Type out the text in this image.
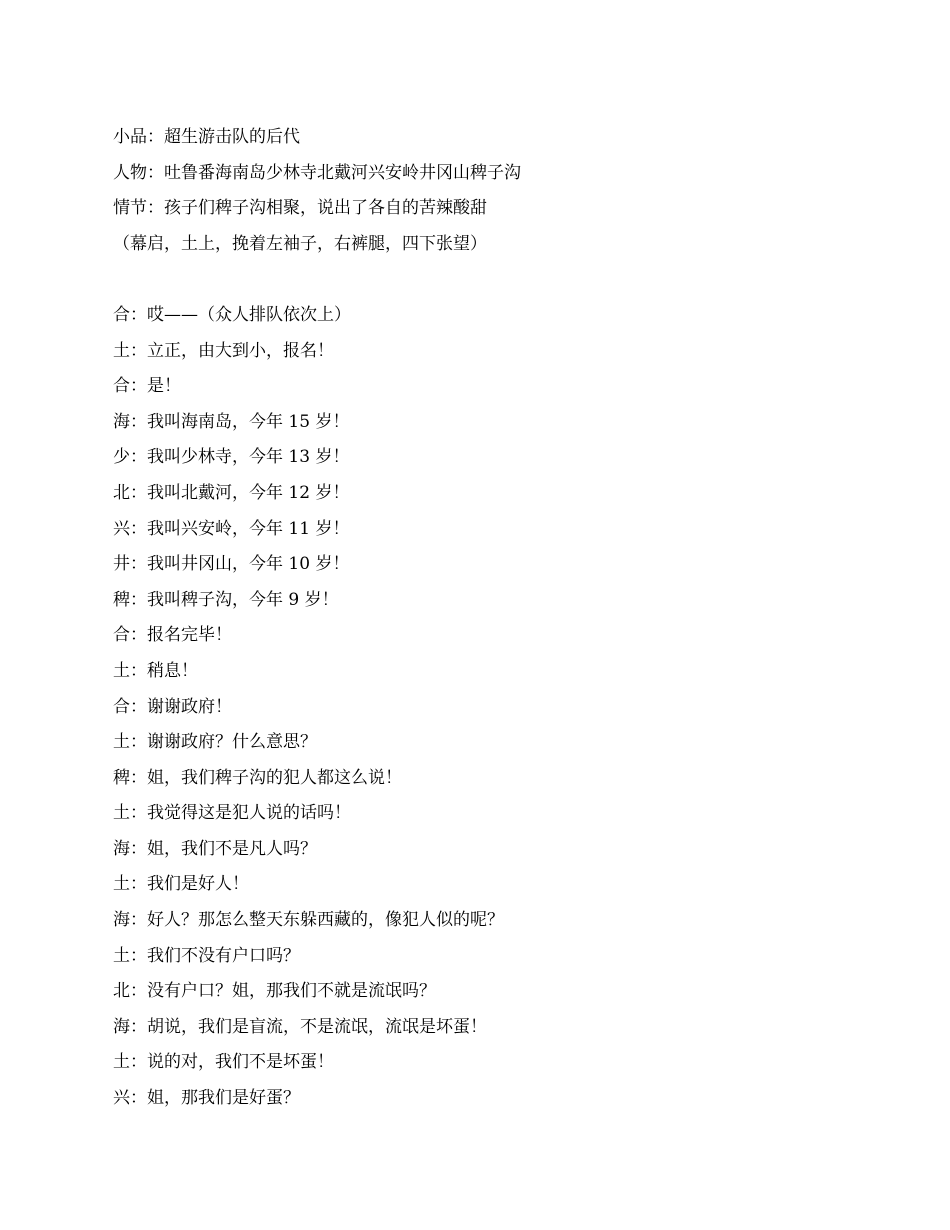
小品：超生游击队的后代
人物：吐鲁番海南岛少林寺北戴河兴安岭井冈山稗子沟
情节：孩子们稗子沟相聚，说出了各自的苦辣酸甜
（幕启，土上，挽着左袖子，右裤腿，四下张望）
合：哎——（众人排队依次上）
土：立正，由大到小，报名！
合：是！
海：我叫海南岛，今年 15 岁！
少：我叫少林寺，今年 13 岁！
北：我叫北戴河，今年 12 岁！
兴：我叫兴安岭，今年 11 岁！
井：我叫井冈山，今年 10 岁！
稗：我叫稗子沟，今年 9 岁！
合：报名完毕！
土：稍息！
合：谢谢政府！
土：谢谢政府？什么意思？
稗：姐，我们稗子沟的犯人都这么说！
土：我觉得这是犯人说的话吗！
海：姐，我们不是凡人吗？
土：我们是好人！
海：好人？那怎么整天东躲西藏的，像犯人似的呢？
土：我们不没有户口吗？
北：没有户口？姐，那我们不就是流氓吗？
海：胡说，我们是盲流，不是流氓，流氓是坏蛋！
土：说的对，我们不是坏蛋！
兴：姐，那我们是好蛋？
